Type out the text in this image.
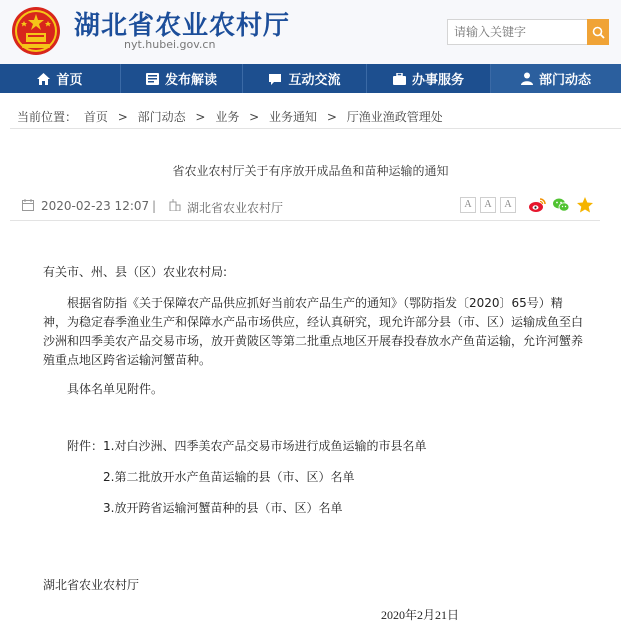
湖北省农业农村厅
nyt.hubei.gov.cn
请输入关键字
首页	发布解读	互动交流	办事服务	部门动态
当前位置： 首页 > 部门动态 > 业务 > 业务通知 > 厅渔业渔政管理处
省农业农村厅关于有序放开成品鱼和苗种运输的通知
2020-02-23 12:07 |	湖北省农业农村厅	A	A	A
有关市、州、县（区）农业农村局:
根据省防指《关于保障农产品供应抓好当前农产品生产的通知》（鄂防指发〔2020〕65号）精神，为稳定春季渔业生产和保障水产品市场供应，经认真研究，现允许部分县（市、区）运输成鱼至白沙洲和四季美农产品交易市场，放开黄陂区等第二批重点地区开展春投春放水产鱼苗运输，允许河蟹养殖重点地区跨省运输河蟹苗种。
具体名单见附件。
附件： 1.对白沙洲、四季美农产品交易市场进行成鱼运输的市县名单
2.第二批放开水产鱼苗运输的县（市、区）名单
3.放开跨省运输河蟹苗种的县（市、区）名单
湖北省农业农村厅
2020年2月21日
